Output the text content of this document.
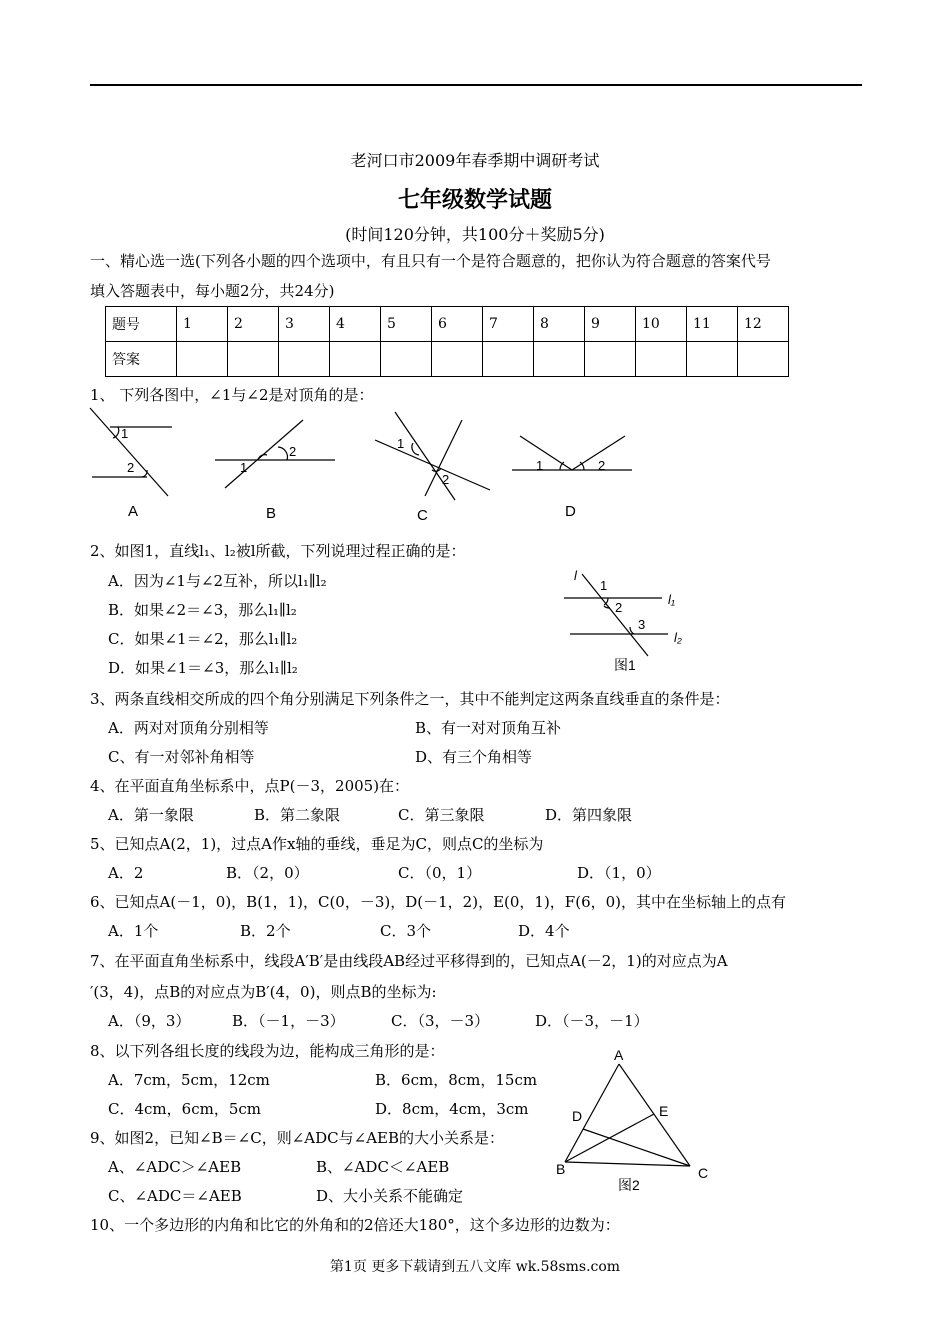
老河口市2009年春季期中调研考试
七年级数学试题
(时间120分钟，共100分＋奖励5分)
一、精心选一选(下列各小题的四个选项中，有且只有一个是符合题意的，把你认为符合题意的答案代号
填入答题表中，每小题2分，共24分)
题号	1	2	3	4	5	6	7	8	9	10	11	12
答案												
1、 下列各图中，∠1与∠2是对顶角的是：
1
2	1
2
1
2
1	2
A	B	C	D
2、如图1，直线l₁、l₂被l所截，下列说理过程正确的是：
A．因为∠1与∠2互补，所以l₁∥l₂
B．如果∠2＝∠3，那么l₁∥l₂
C．如果∠1＝∠2，那么l₁∥l₂
D．如果∠1＝∠3，那么l₁∥l₂
l
1
2
3
l₁
l₂
图1
3、两条直线相交所成的四个角分别满足下列条件之一，其中不能判定这两条直线垂直的条件是：
A．两对对顶角分别相等	B、有一对对顶角互补
C、有一对邻补角相等	D、有三个角相等
4、在平面直角坐标系中，点P(－3，2005)在：
A．第一象限	B．第二象限	C．第三象限	D．第四象限
5、已知点A(2，1)，过点A作x轴的垂线，垂足为C，则点C的坐标为
A．2	B．（2，0）	C．（0，1）	D．（1，0）
6、已知点A(－1，0)，B(1，1)，C(0，－3)，D(－1，2)，E(0，1)，F(6，0)，其中在坐标轴上的点有
A．1个	B．2个	C．3个	D．4个
7、在平面直角坐标系中，线段A′B′是由线段AB经过平移得到的，已知点A(－2，1)的对应点为A
′(3，4)，点B的对应点为B′(4，0)，则点B的坐标为:
A．（9，3）	B．（－1，－3）	C．（3，－3）	D．（－3，－1）
8、以下列各组长度的线段为边，能构成三角形的是：
A．7cm，5cm，12cm	B．6cm，8cm，15cm
C．4cm，6cm，5cm	D．8cm，4cm，3cm
9、如图2，已知∠B＝∠C，则∠ADC与∠AEB的大小关系是：
A、∠ADC＞∠AEB	B、∠ADC＜∠AEB
C、∠ADC＝∠AEB	D、大小关系不能确定
A
D	E
B	C
图2
10、一个多边形的内角和比它的外角和的2倍还大180°，这个多边形的边数为：
第1页 更多下载请到五八文库 wk.58sms.com
